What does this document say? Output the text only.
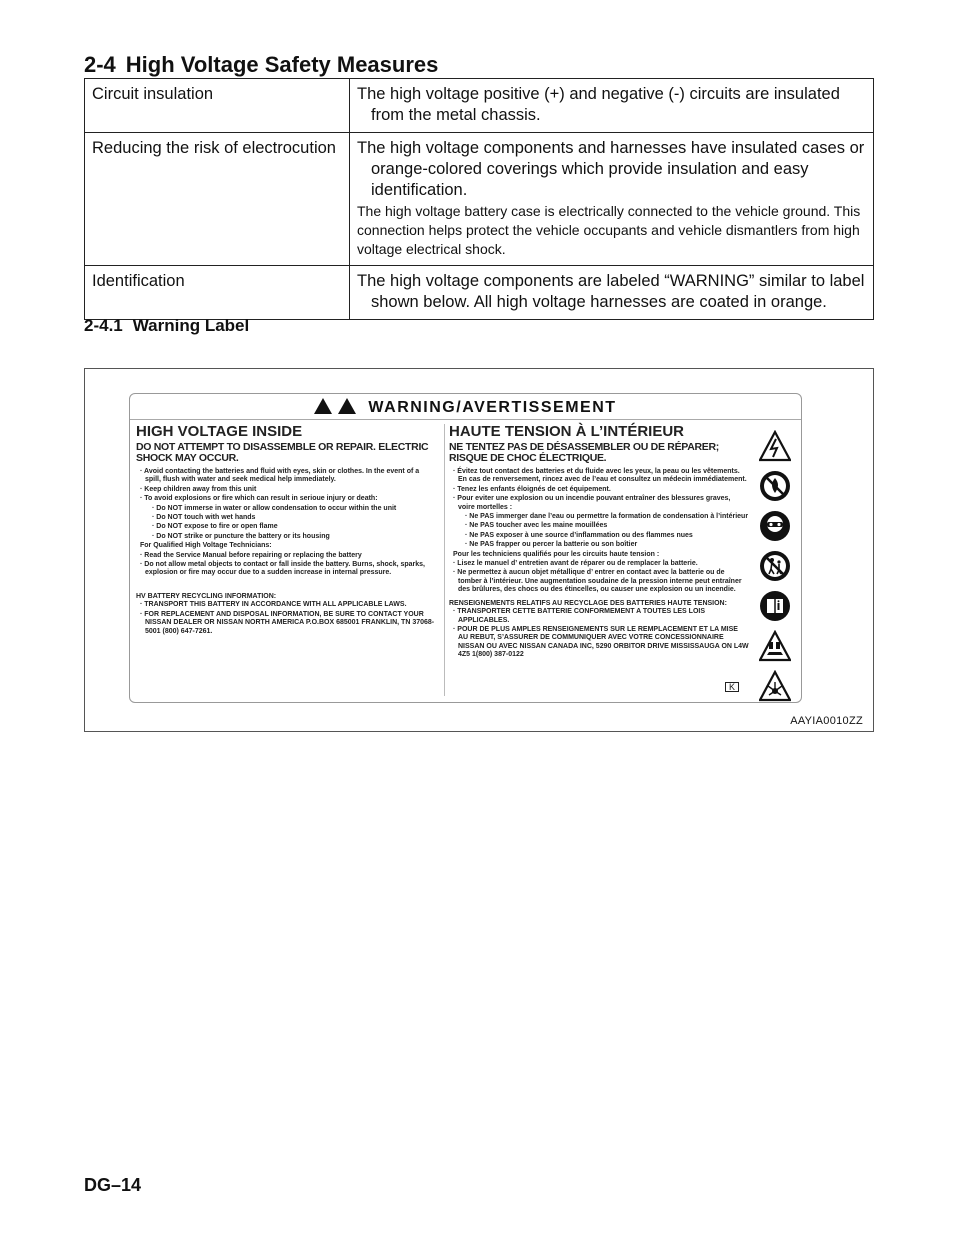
2-4 High Voltage Safety Measures
Circuit insulation	The high voltage positive (+) and negative (-) circuits are insulated from the metal chassis.

Reducing the risk of electrocution	The high voltage components and harnesses have insulated cases or orange-colored coverings which provide insulation and easy identification.
The high voltage battery case is electrically connected to the vehicle ground. This connection helps protect the vehicle occupants and vehicle dismantlers from high voltage electrical shock.

Identification	The high voltage components are labeled “WARNING” similar to label shown below. All high voltage harnesses are coated in orange.
2-4.1 Warning Label
WARNING/AVERTISSEMENT
HIGH VOLTAGE INSIDE
DO NOT ATTEMPT TO DISASSEMBLE OR REPAIR. ELECTRIC SHOCK MAY OCCUR.
· Avoid contacting the batteries and fluid with eyes, skin or clothes. In the event of a spill, flush with water and seek medical help immediately.
· Keep children away from this unit
· To avoid explosions or fire which can result in serioue injury or death:
· Do NOT immerse in water or allow condensation to occur within the unit
· Do NOT touch with wet hands
· Do NOT expose to fire or open flame
· Do NOT strike or puncture the battery or its housing
For Qualified High Voltage Technicians:
· Read the Service Manual before repairing or replacing the battery
· Do not allow metal objects to contact or fall inside the battery. Burns, shock, sparks, explosion or fire may occur due to a sudden increase in internal pressure.
HV BATTERY RECYCLING INFORMATION:
· TRANSPORT THIS BATTERY IN ACCORDANCE WITH ALL APPLICABLE LAWS.
· FOR REPLACEMENT AND DISPOSAL INFORMATION, BE SURE TO CONTACT YOUR NISSAN DEALER OR NISSAN NORTH AMERICA P.O.BOX 685001 FRANKLIN, TN 37068-5001 (800) 647-7261.
HAUTE TENSION À L’INTÉRIEUR
NE TENTEZ PAS DE DÉSASSEMBLER OU DE RÉPARER; RISQUE DE CHOC ÉLECTRIQUE.
· Évitez tout contact des batteries et du fluide avec les yeux, la peau ou les vêtements. En cas de renversement, rincez avec de l’eau et consultez un médecin immédiatement.
· Tenez les enfants éloignés de cet équipement.
· Pour eviter une explosion ou un incendie pouvant entraîner des blessures graves, voire mortelles :
· Ne PAS immerger dane l’eau ou permettre la formation de condensation à l’intérieur
· Ne PAS toucher avec les maine mouillées
· Ne PAS exposer à une source d’inflammation ou des flammes nues
· Ne PAS frapper ou percer la batterie ou son boîtier
Pour les techniciens qualifiés pour les circuits haute tension :
· Lisez le manuel d’ entretien avant de réparer ou de remplacer la batterie.
· Ne permettez à aucun objet métallique d’ entrer en contact avec la batterie ou de tomber à l’intérieur. Une augmentation soudaine de la pression interne peut entraîner des brûlures, des chocs ou des étincelles, ou causer une explosion ou un incendie.
RENSEIGNEMENTS RELATIFS AU RECYCLAGE DES BATTERIES HAUTE TENSION:
· TRANSPORTER CETTE BATTERIE CONFORMEMENT A TOUTES LES LOIS APPLICABLES.
· POUR DE PLUS AMPLES RENSEIGNEMENTS SUR LE REMPLACEMENT ET LA MISE AU REBUT, S’ASSURER DE COMMUNIQUER AVEC VOTRE CONCESSIONNAIRE NISSAN OU AVEC NISSAN CANADA INC, 5290 ORBITOR DRIVE MISSISSAUGA ON L4W 4Z5 1(800) 387-0122
K
AAYIA0010ZZ
DG–14
